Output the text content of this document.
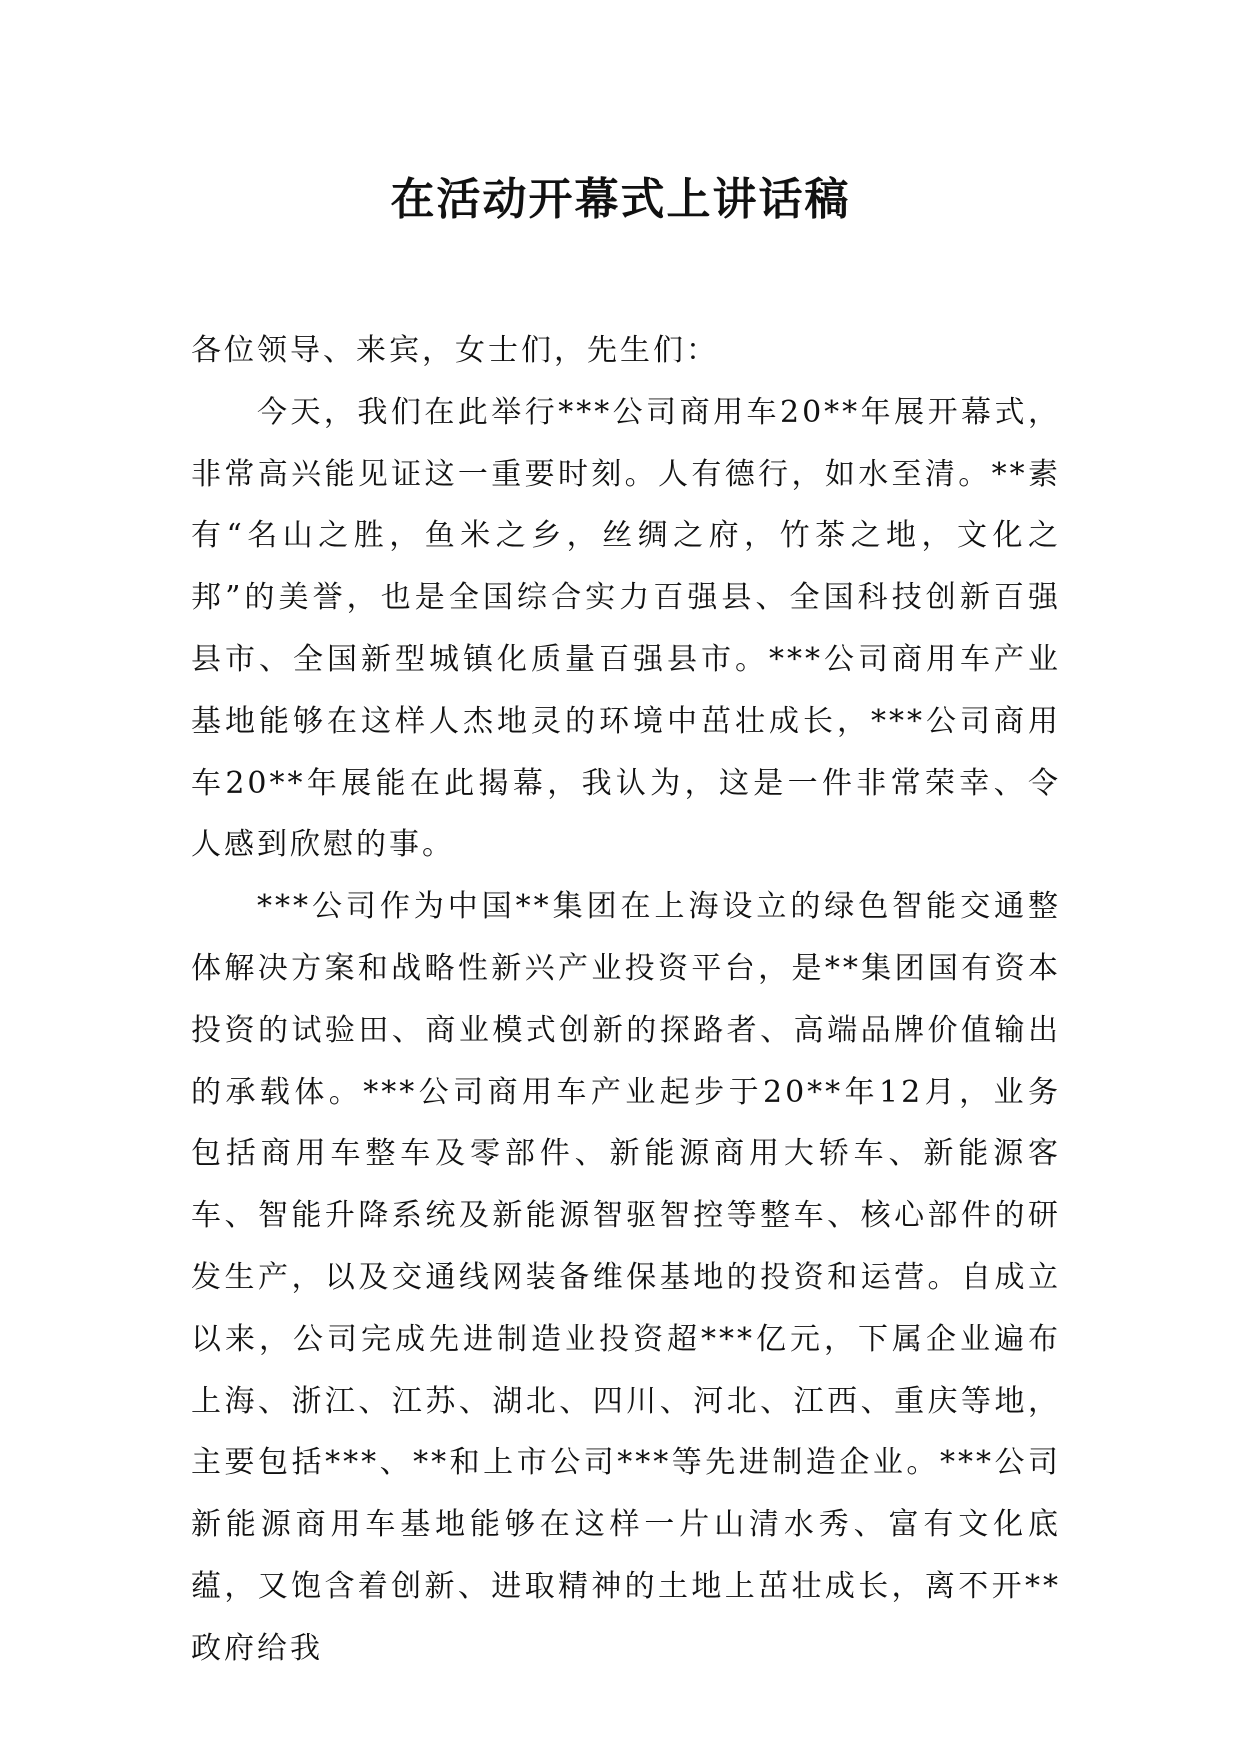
在活动开幕式上讲话稿

各位领导、来宾，女士们，先生们：

今天，我们在此举行***公司商用车20**年展开幕式，非常高兴能见证这一重要时刻。人有德行，如水至清。**素有“名山之胜，鱼米之乡，丝绸之府，竹茶之地，文化之邦”的美誉，也是全国综合实力百强县、全国科技创新百强县市、全国新型城镇化质量百强县市。***公司商用车产业基地能够在这样人杰地灵的环境中茁壮成长，***公司商用车20**年展能在此揭幕，我认为，这是一件非常荣幸、令人感到欣慰的事。

***公司作为中国**集团在上海设立的绿色智能交通整体解决方案和战略性新兴产业投资平台，是**集团国有资本投资的试验田、商业模式创新的探路者、高端品牌价值输出的承载体。***公司商用车产业起步于20**年12月，业务包括商用车整车及零部件、新能源商用大轿车、新能源客车、智能升降系统及新能源智驱智控等整车、核心部件的研发生产，以及交通线网装备维保基地的投资和运营。自成立以来，公司完成先进制造业投资超***亿元，下属企业遍布上海、浙江、江苏、湖北、四川、河北、江西、重庆等地，主要包括***、**和上市公司***等先进制造企业。***公司新能源商用车基地能够在这样一片山清水秀、富有文化底蕴，又饱含着创新、进取精神的土地上茁壮成长，离不开**政府给我
